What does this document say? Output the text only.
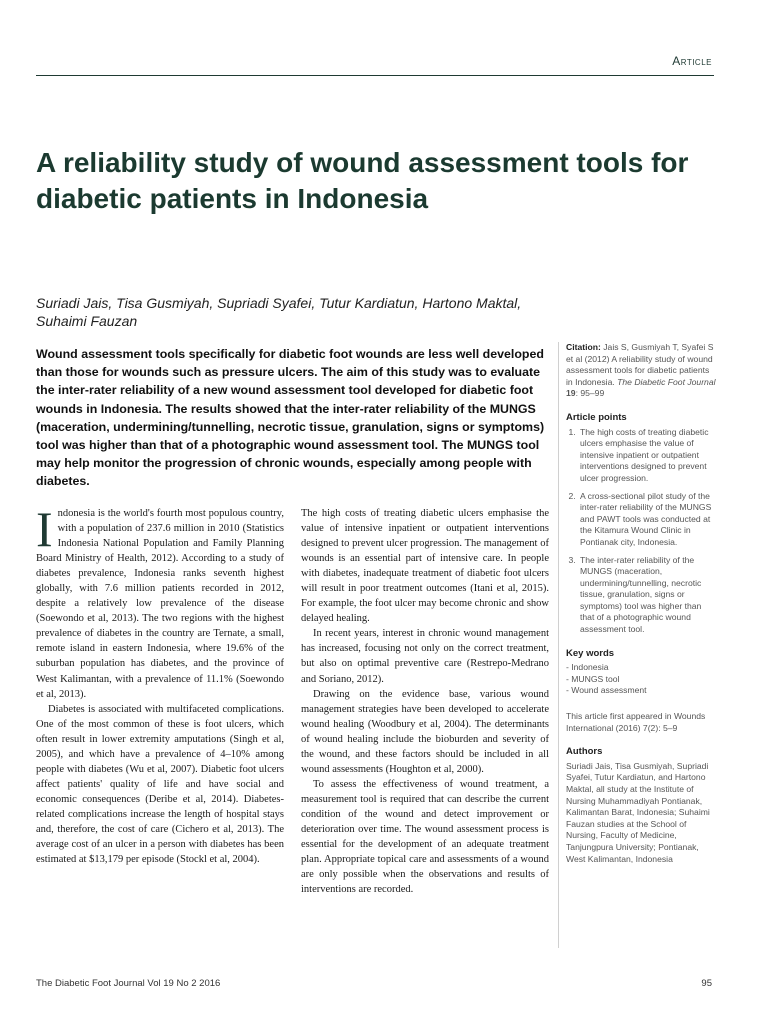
Article
A reliability study of wound assessment tools for diabetic patients in Indonesia
Suriadi Jais, Tisa Gusmiyah, Supriadi Syafei, Tutur Kardiatun, Hartono Maktal, Suhaimi Fauzan

Wound assessment tools specifically for diabetic foot wounds are less well developed than those for wounds such as pressure ulcers. The aim of this study was to evaluate the inter-rater reliability of a new wound assessment tool developed for diabetic foot wounds in Indonesia. The results showed that the inter-rater reliability of the MUNGS (maceration, undermining/tunnelling, necrotic tissue, granulation, signs or symptoms) tool was higher than that of a photographic wound assessment tool. The MUNGS tool may help monitor the progression of chronic wounds, especially among people with diabetes.

Indonesia is the world's fourth most populous country, with a population of 237.6 million in 2010 (Statistics Indonesia National Population and Family Planning Board Ministry of Health, 2012). According to a study of diabetes prevalence, Indonesia ranks seventh highest globally, with 7.6 million patients recorded in 2012, despite a relatively low prevalence of the disease (Soewondo et al, 2013). The two regions with the highest prevalence of diabetes in the country are Ternate, a small, remote island in eastern Indonesia, where 19.6% of the suburban population has diabetes, and the province of West Kalimantan, with a prevalence of 11.1% (Soewondo et al, 2013).

Diabetes is associated with multifaceted complications. One of the most common of these is foot ulcers, which often result in lower extremity amputations (Singh et al, 2005), and which have a prevalence of 4–10% among people with diabetes (Wu et al, 2007). Diabetic foot ulcers affect patients' quality of life and have social and economic consequences (Deribe et al, 2014). Diabetes-related complications increase the length of hospital stays and, therefore, the cost of care (Cichero et al, 2013). The average cost of an ulcer in a person with diabetes has been estimated at $13,179 per episode (Stockl et al, 2004).

The high costs of treating diabetic ulcers emphasise the value of intensive inpatient or outpatient interventions designed to prevent ulcer progression. The management of wounds is an essential part of intensive care. In people with diabetes, inadequate treatment of diabetic foot ulcers will result in poor treatment outcomes (Itani et al, 2015). For example, the foot ulcer may become chronic and show delayed healing.

In recent years, interest in chronic wound management has increased, focusing not only on the correct treatment, but also on optimal preventive care (Restrepo-Medrano and Soriano, 2012).

Drawing on the evidence base, various wound management strategies have been developed to accelerate wound healing (Woodbury et al, 2004). The determinants of wound healing include the bioburden and severity of the wound, and these factors should be included in all wound assessments (Houghton et al, 2000).

To assess the effectiveness of wound treatment, a measurement tool is required that can describe the current condition of the wound and detect improvement or deterioration over time. The wound assessment process is essential for the development of an adequate treatment plan. Appropriate topical care and assessments of a wound are only possible when the observations and results of interventions are recorded.

Citation: Jais S, Gusmiyah T, Syafei S et al (2012) A reliability study of wound assessment tools for diabetic patients in Indonesia. The Diabetic Foot Journal 19: 95–99

Article points
1. The high costs of treating diabetic ulcers emphasise the value of intensive inpatient or outpatient interventions designed to prevent ulcer progression.
2. A cross-sectional pilot study of the inter-rater reliability of the MUNGS and PAWT tools was conducted at the Kitamura Wound Clinic in Pontianak city, Indonesia.
3. The inter-rater reliability of the MUNGS (maceration, undermining/tunnelling, necrotic tissue, granulation, signs or symptoms) tool was higher than that of a photographic wound assessment tool.
Key words
- Indonesia
- MUNGS tool
- Wound assessment

This article first appeared in Wounds International (2016) 7(2): 5–9

Authors

Suriadi Jais, Tisa Gusmiyah, Supriadi Syafei, Tutur Kardiatun, and Hartono Maktal, all study at the Institute of Nursing Muhammadiyah Pontianak, Kalimantan Barat, Indonesia; Suhaimi Fauzan studies at the School of Nursing, Faculty of Medicine, Tanjungpura University; Pontianak, West Kalimantan, Indonesia

The Diabetic Foot Journal Vol 19 No 2 2016	95
